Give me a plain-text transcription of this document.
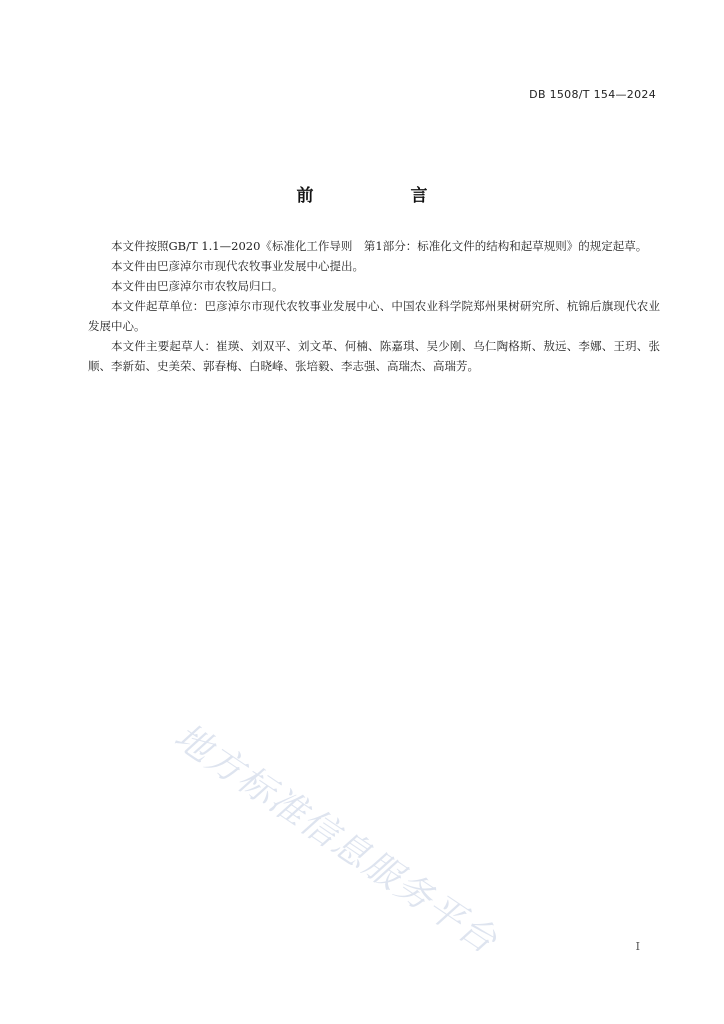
DB 1508/T 154—2024
前　言

本文件按照GB/T 1.1—2020《标准化工作导则　第1部分：标准化文件的结构和起草规则》的规定起草。

本文件由巴彦淖尔市现代农牧事业发展中心提出。

本文件由巴彦淖尔市农牧局归口。

本文件起草单位：巴彦淖尔市现代农牧事业发展中心、中国农业科学院郑州果树研究所、杭锦后旗现代农业发展中心。

本文件主要起草人：崔瑛、刘双平、刘文革、何楠、陈嘉琪、吴少刚、乌仁陶格斯、敖远、李娜、王玥、张顺、李新茹、史美荣、郭春梅、白晓峰、张培毅、李志强、高瑞杰、高瑞芳。

地方标准信息服务平台	I
